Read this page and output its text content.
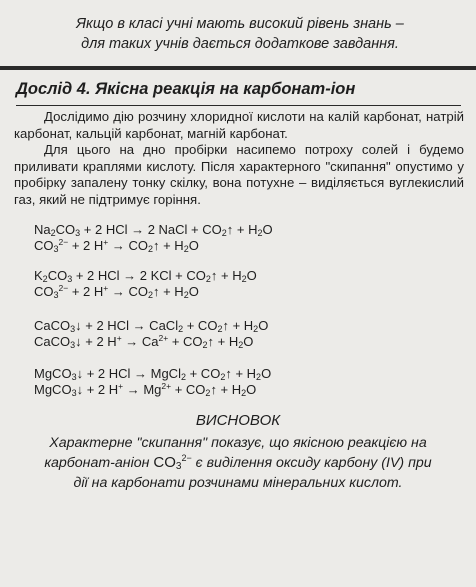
Якщо в класі учні мають високий рівень знань –
для таких учнів дається додаткове завдання.
Дослід 4. Якісна реакція на карбонат-іон

Дослідимо дію розчину хлоридної кислоти на калій карбонат, натрій карбонат, кальцій карбонат, магній карбонат.

Для цього на дно пробірки насипемо потроху солей і будемо приливати краплями кислоту. Після характерного "скипання" опустимо у пробірку запалену тонку скілку, вона потухне – виділяється вуглекислий газ, який не підтримує горіння.

$Na_2CO_3 + 2$ HCl → 2 NaCl + $CO_2↑ + H_2O$
$CO_3^{2-} + 2$ $H^+ \to CO_2↑ + H_2O$
$K_2CO_3 + 2$ HCl → 2 KCl + $CO_2↑ + H_2O$
$CO_3^{2-} + 2$ $H^+ \to CO_2↑ + H_2O$
CaCO$_3$↓ + 2 HCl → CaCl$_2$ + $CO_2↑ + H_2O$
CaCO$_3$↓ + 2 $H^+ \to Ca^{2+}$ + $CO_2↑ + H_2O$
MgCO$_3$↓ + 2 HCl → MgCl$_2$ + $CO_2↑ + H_2O$
MgCO$_3$↓ + 2 $H^+ \to Mg^{2+}$ + $CO_2↑ + H_2O$
ВИСНОВОК
Характерне "скипання" показує, що якісною реакцією на
карбонат-аніон $CO_3^{2-}$ є виділення оксиду карбону (IV) при
дії на карбонати розчинами мінеральних кислот.
